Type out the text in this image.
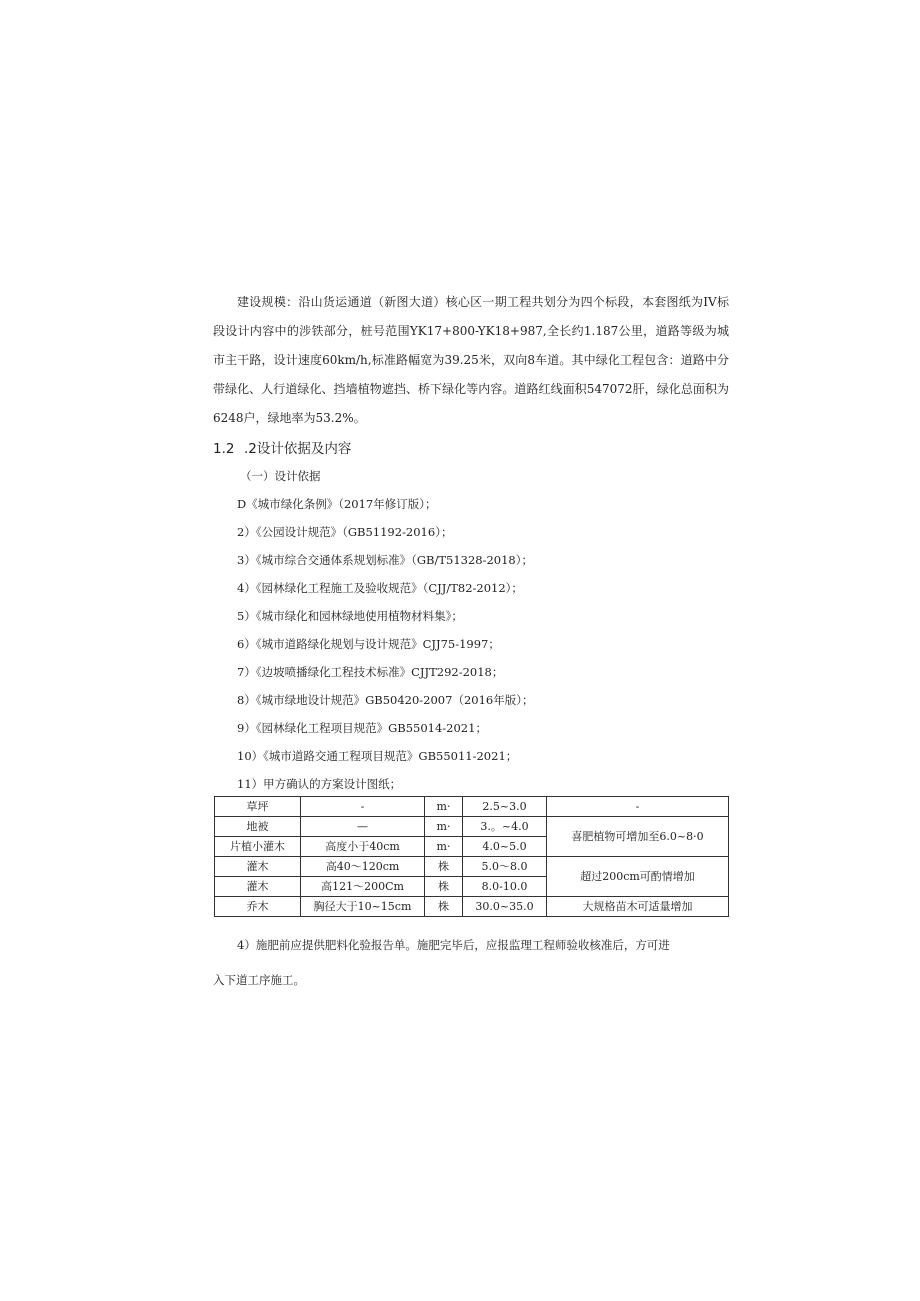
建设规模：沿山货运通道（新图大道）核心区一期工程共划分为四个标段，本套图纸为IV标段设计内容中的涉铁部分，桩号范围YK17+800-YK18+987,全长约1.187公里，道路等级为城市主干路，设计速度60km/h,标准路幅宽为39.25米，双向8车道。其中绿化工程包含：道路中分带绿化、人行道绿化、挡墙植物遮挡、桥下绿化等内容。道路红线面积547072肝，绿化总面积为6248户，绿地率为53.2%。

1.2 .2设计依据及内容
（一）设计依据
D《城市绿化条例》（2017年修订版）；
2）《公园设计规范》（GB51192-2016）；
3）《城市综合交通体系规划标准》（GB/T51328-2018）；
4）《园林绿化工程施工及验收规范》（CJJ/T82-2012）；
5）《城市绿化和园林绿地使用植物材料集》；
6）《城市道路绿化规划与设计规范》CJJ75-1997；
7）《边坡喷播绿化工程技术标准》CJJT292-2018；
8）《城市绿地设计规范》GB50420-2007（2016年版）；
9）《园林绿化工程项目规范》GB55014-2021；
10）《城市道路交通工程项目规范》GB55011-2021；
11）甲方确认的方案设计图纸；
草坪	-	m·	2.5~3.0	-
地被	—	m·	3.。~4.0	喜肥植物可增加至6.0~8·0
片植小灌木	高度小于40cm	m·	4.0~5.0	
灌木	高40～120cm	株	5.0～8.0	超过200cm可酌情增加
灌木	高121～200Cm	株	8.0-10.0	
乔木	胸径大于10~15cm	株	30.0~35.0	大规格苗木可适量增加
4）施肥前应提供肥料化验报告单。施肥完毕后，应报监理工程师验收核准后，方可进
入下道工序施工。
